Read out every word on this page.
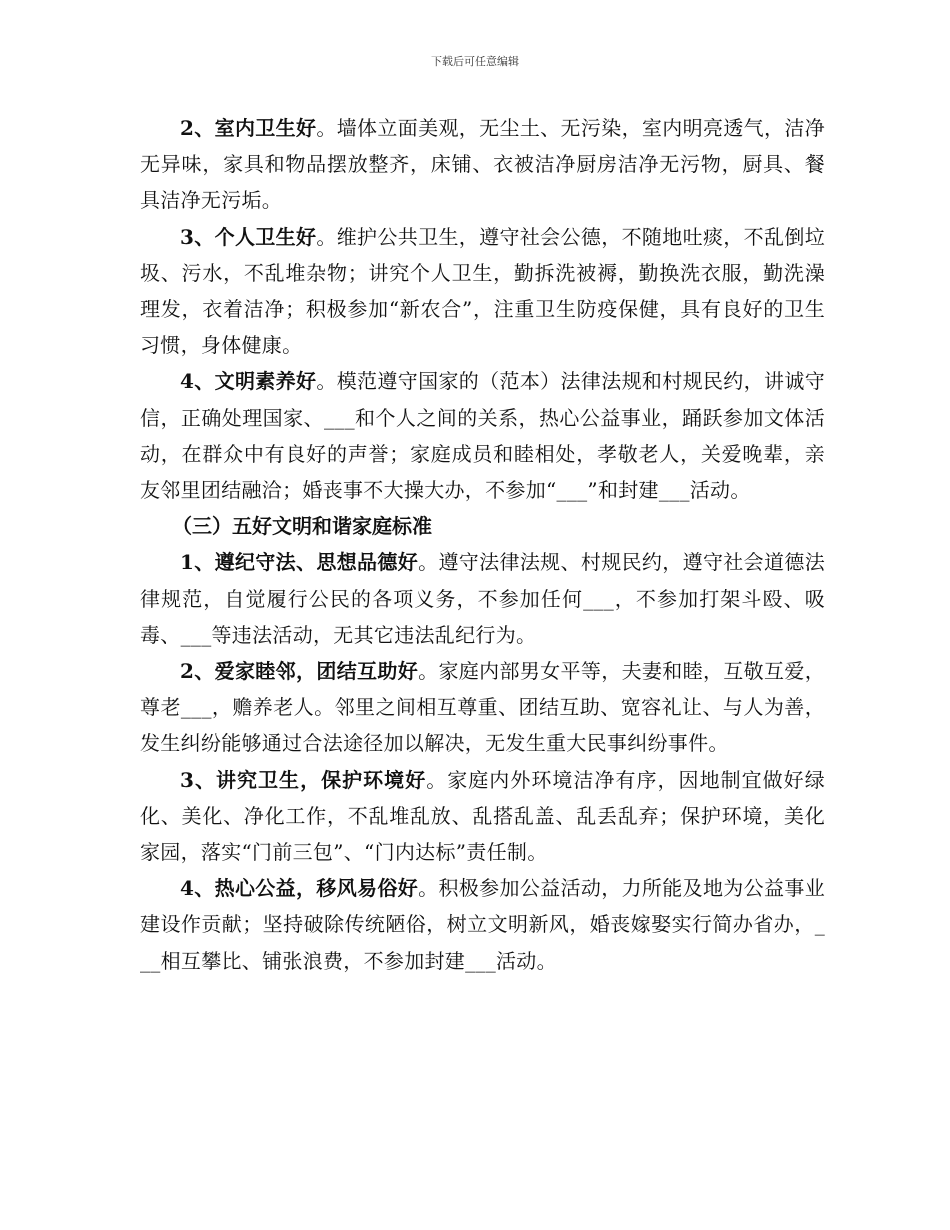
下载后可任意编辑

2、室内卫生好。墙体立面美观，无尘土、无污染，室内明亮透气，洁净无异味，家具和物品摆放整齐，床铺、衣被洁净厨房洁净无污物，厨具、餐具洁净无污垢。

3、个人卫生好。维护公共卫生，遵守社会公德，不随地吐痰，不乱倒垃圾、污水，不乱堆杂物；讲究个人卫生，勤拆洗被褥，勤换洗衣服，勤洗澡理发，衣着洁净；积极参加“新农合”，注重卫生防疫保健，具有良好的卫生习惯，身体健康。

4、文明素养好。模范遵守国家的（范本）法律法规和村规民约，讲诚守信，正确处理国家、___和个人之间的关系，热心公益事业，踊跃参加文体活动，在群众中有良好的声誉；家庭成员和睦相处，孝敬老人，关爱晚辈，亲友邻里团结融洽；婚丧事不大操大办，不参加“___”和封建___活动。

（三）五好文明和谐家庭标准

1、遵纪守法、思想品德好。遵守法律法规、村规民约，遵守社会道德法律规范，自觉履行公民的各项义务，不参加任何___，不参加打架斗殴、吸毒、___等违法活动，无其它违法乱纪行为。

2、爱家睦邻，团结互助好。家庭内部男女平等，夫妻和睦，互敬互爱，尊老___，赡养老人。邻里之间相互尊重、团结互助、宽容礼让、与人为善，发生纠纷能够通过合法途径加以解决，无发生重大民事纠纷事件。

3、讲究卫生，保护环境好。家庭内外环境洁净有序，因地制宜做好绿化、美化、净化工作，不乱堆乱放、乱搭乱盖、乱丢乱弃；保护环境，美化家园，落实“门前三包”、“门内达标”责任制。

4、热心公益，移风易俗好。积极参加公益活动，力所能及地为公益事业建设作贡献；坚持破除传统陋俗，树立文明新风，婚丧嫁娶实行简办省办，___相互攀比、铺张浪费，不参加封建___活动。
